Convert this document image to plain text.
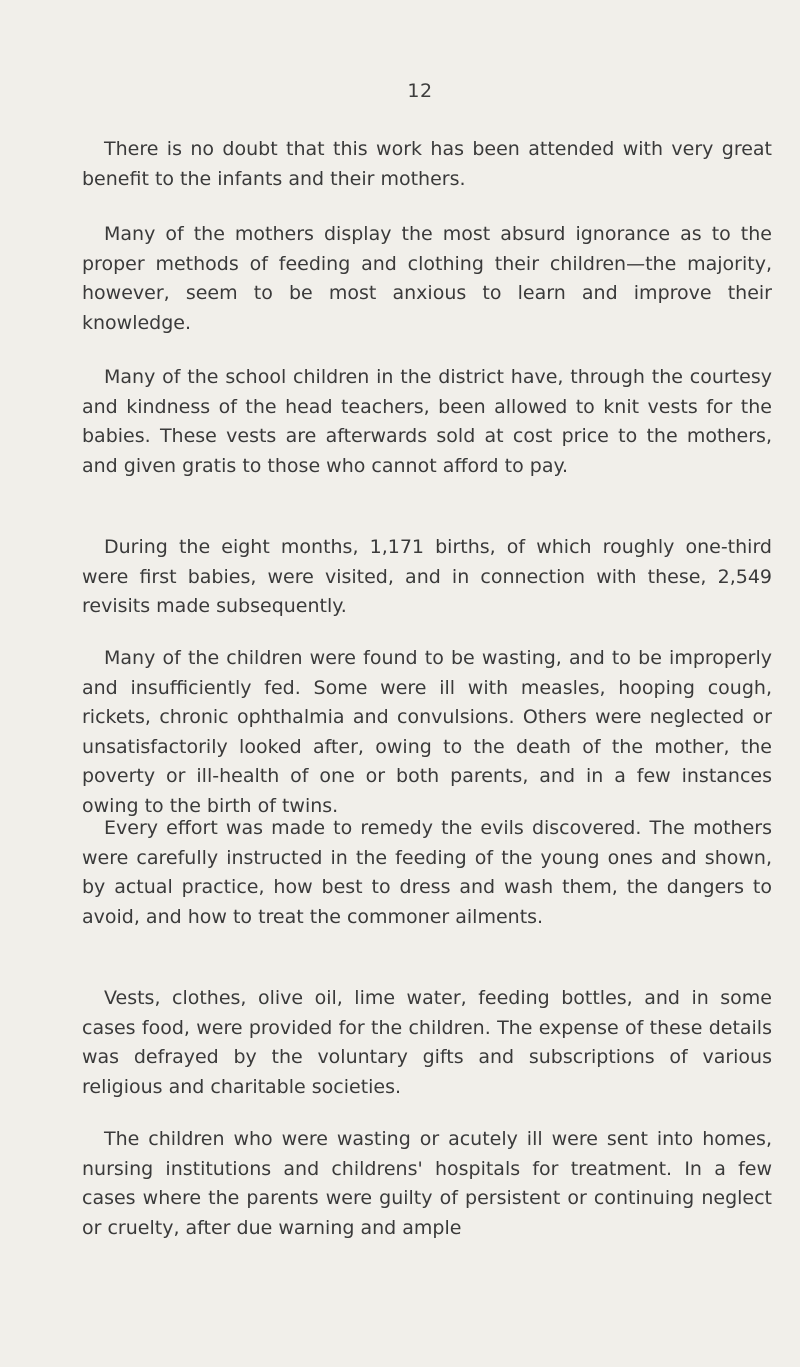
12

There is no doubt that this work has been attended with very great benefit to the infants and their mothers.

Many of the mothers display the most absurd ignorance as to the proper methods of feeding and clothing their children—the majority, however, seem to be most anxious to learn and improve their knowledge.

Many of the school children in the district have, through the courtesy and kindness of the head teachers, been allowed to knit vests for the babies. These vests are afterwards sold at cost price to the mothers, and given gratis to those who cannot afford to pay.

During the eight months, 1,171 births, of which roughly one-third were first babies, were visited, and in connection with these, 2,549 revisits made subsequently.

Many of the children were found to be wasting, and to be improperly and insufficiently fed. Some were ill with measles, hooping cough, rickets, chronic ophthalmia and convulsions. Others were neglected or unsatisfactorily looked after, owing to the death of the mother, the poverty or ill-health of one or both parents, and in a few instances owing to the birth of twins.

Every effort was made to remedy the evils discovered. The mothers were carefully instructed in the feeding of the young ones and shown, by actual practice, how best to dress and wash them, the dangers to avoid, and how to treat the commoner ailments.

Vests, clothes, olive oil, lime water, feeding bottles, and in some cases food, were provided for the children. The expense of these details was defrayed by the voluntary gifts and subscriptions of various religious and charitable societies.

The children who were wasting or acutely ill were sent into homes, nursing institutions and childrens' hospitals for treatment. In a few cases where the parents were guilty of persistent or continuing neglect or cruelty, after due warning and ample
